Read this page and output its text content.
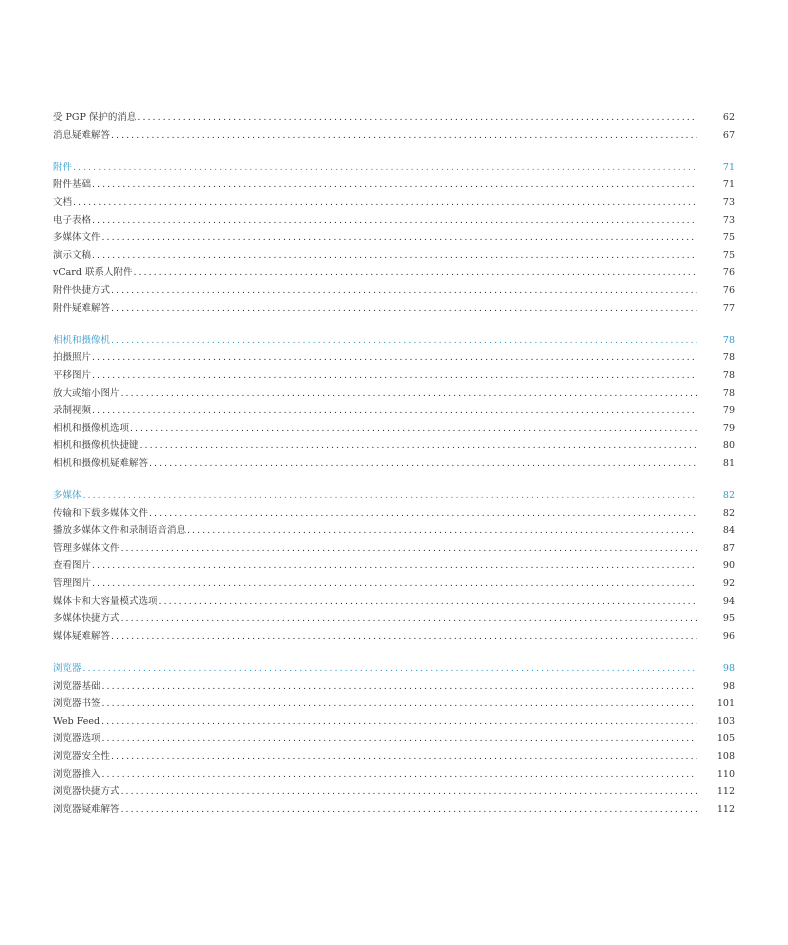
受 PGP 保护的消息 . . .	62
消息疑难解答 . . .	67
附件 . . .	71
附件基础 . . .	71
文档 . . .	73
电子表格 . . .	73
多媒体文件 . . .	75
演示文稿 . . .	75
vCard 联系人附件 . . .	76
附件快捷方式 . . .	76
附件疑难解答 . . .	77
相机和摄像机 . . .	78
拍摄照片 . . .	78
平移图片 . . .	78
放大或缩小图片 . . .	78
录制视频 . . .	79
相机和摄像机选项 . . .	79
相机和摄像机快捷键 . . .	80
相机和摄像机疑难解答 . . .	81
多媒体 . . .	82
传输和下载多媒体文件 . . .	82
播放多媒体文件和录制语音消息 . . .	84
管理多媒体文件 . . .	87
查看图片 . . .	90
管理图片 . . .	92
媒体卡和大容量模式选项 . . .	94
多媒体快捷方式 . . .	95
媒体疑难解答 . . .	96
浏览器 . . .	98
浏览器基础 . . .	98
浏览器书签 . . .	101
Web Feed . . .	103
浏览器选项 . . .	105
浏览器安全性 . . .	108
浏览器推入 . . .	110
浏览器快捷方式 . . .	112
浏览器疑难解答 . . .	112
